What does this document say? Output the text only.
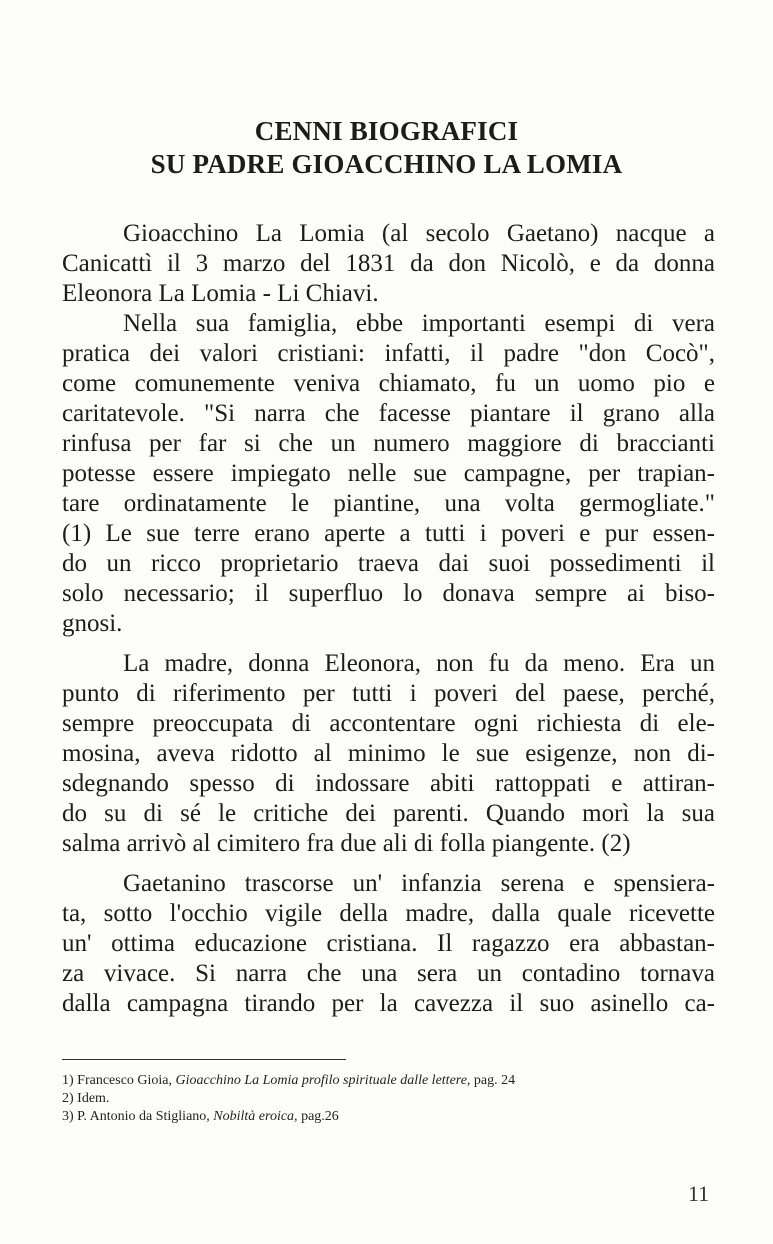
CENNI BIOGRAFICI
SU PADRE GIOACCHINO LA LOMIA
Gioacchino La Lomia (al secolo Gaetano) nacque a
Canicattì il 3 marzo del 1831 da don Nicolò, e da donna
Eleonora La Lomia - Li Chiavi.
Nella sua famiglia, ebbe importanti esempi di vera
pratica dei valori cristiani: infatti, il padre "don Cocò",
come comunemente veniva chiamato, fu un uomo pio e
caritatevole. "Si narra che facesse piantare il grano alla
rinfusa per far si che un numero maggiore di braccianti
potesse essere impiegato nelle sue campagne, per trapian-
tare ordinatamente le piantine, una volta germogliate."
(1) Le sue terre erano aperte a tutti i poveri e pur essen-
do un ricco proprietario traeva dai suoi possedimenti il
solo necessario; il superfluo lo donava sempre ai biso-
gnosi.
La madre, donna Eleonora, non fu da meno. Era un
punto di riferimento per tutti i poveri del paese, perché,
sempre preoccupata di accontentare ogni richiesta di ele-
mosina, aveva ridotto al minimo le sue esigenze, non di-
sdegnando spesso di indossare abiti rattoppati e attiran-
do su di sé le critiche dei parenti. Quando morì la sua
salma arrivò al cimitero fra due ali di folla piangente. (2)
Gaetanino trascorse un' infanzia serena e spensiera-
ta, sotto l'occhio vigile della madre, dalla quale ricevette
un' ottima educazione cristiana. Il ragazzo era abbastan-
za vivace. Si narra che una sera un contadino tornava
dalla campagna tirando per la cavezza il suo asinello ca-
1) Francesco Gioia, Gioacchino La Lomia profilo spirituale dalle lettere, pag. 24
2) Idem.
3) P. Antonio da Stigliano, Nobiltà eroica, pag.26
11
